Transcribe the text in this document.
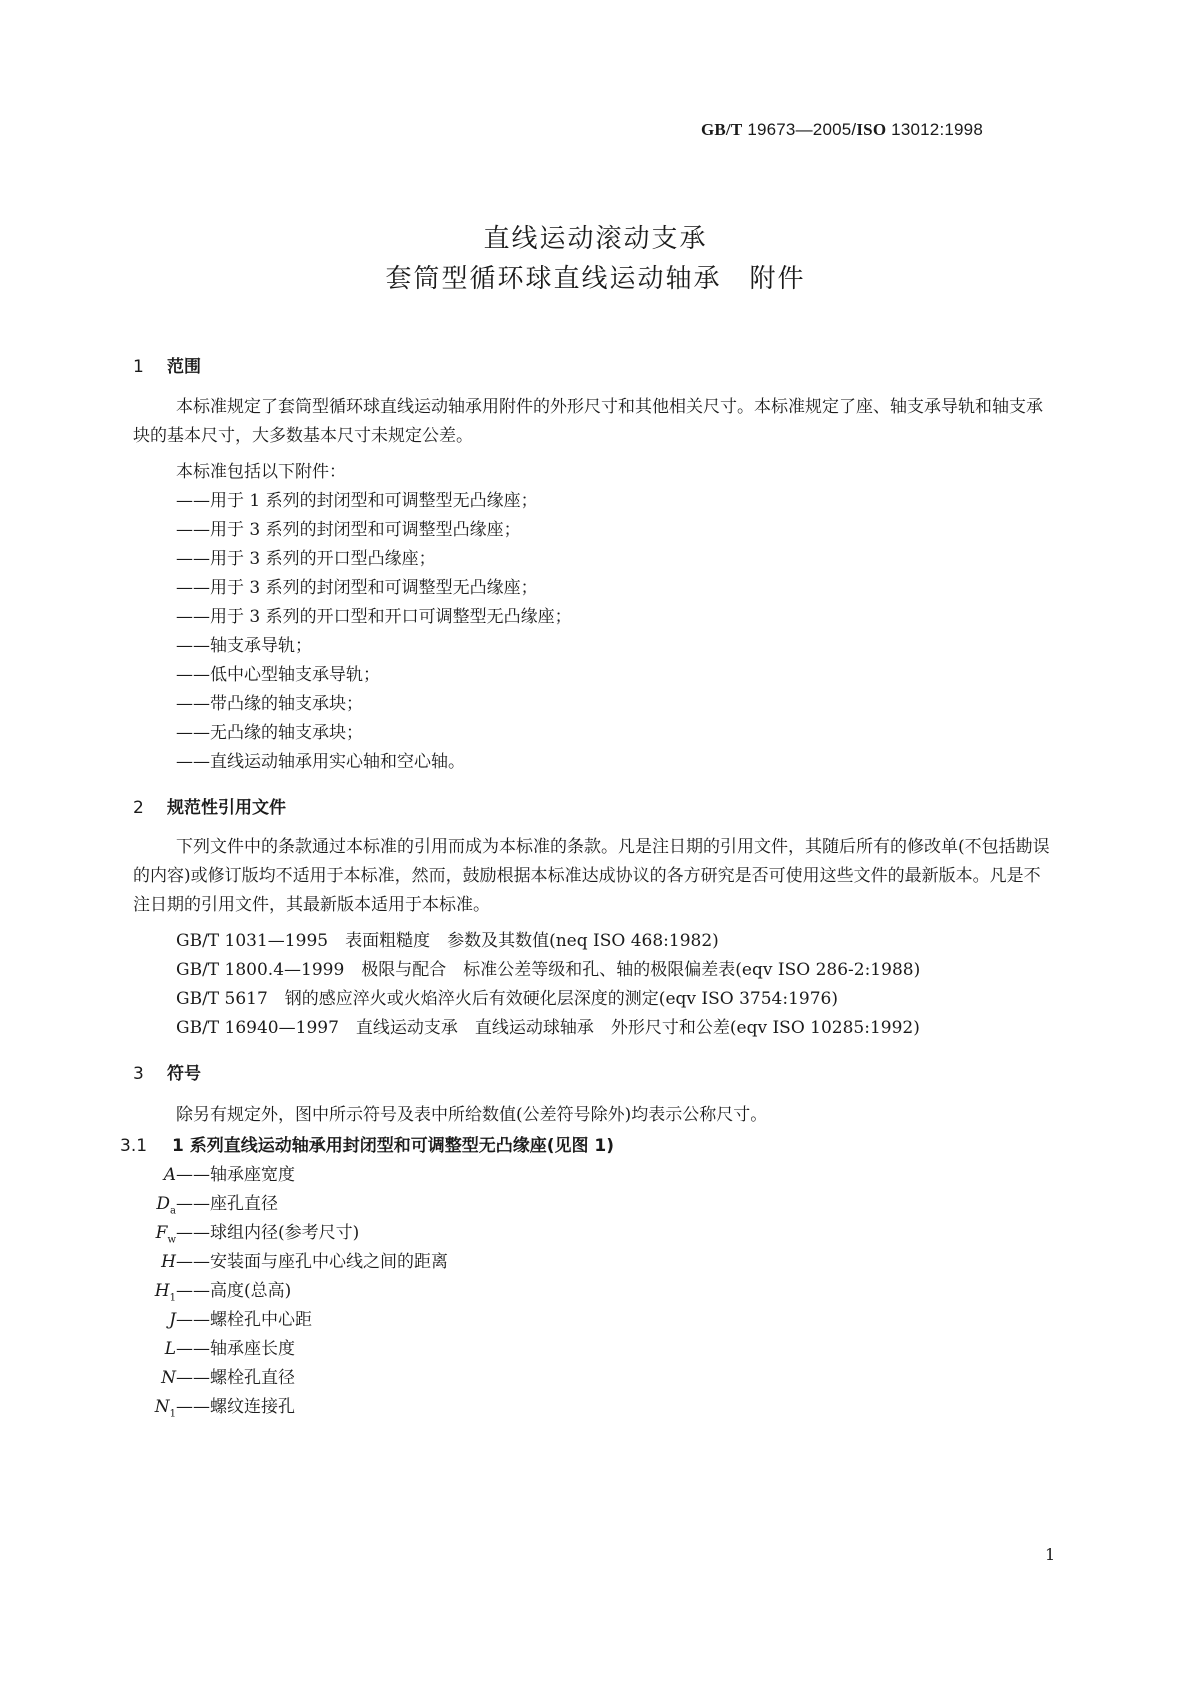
GB/T 19673—2005/ISO 13012:1998
直线运动滚动支承
套筒型循环球直线运动轴承　附件
1 范围
本标准规定了套筒型循环球直线运动轴承用附件的外形尺寸和其他相关尺寸。本标准规定了座、轴支承导轨和轴支承块的基本尺寸，大多数基本尺寸未规定公差。
本标准包括以下附件：
——用于 1 系列的封闭型和可调整型无凸缘座；
——用于 3 系列的封闭型和可调整型凸缘座；
——用于 3 系列的开口型凸缘座；
——用于 3 系列的封闭型和可调整型无凸缘座；
——用于 3 系列的开口型和开口可调整型无凸缘座；
——轴支承导轨；
——低中心型轴支承导轨；
——带凸缘的轴支承块；
——无凸缘的轴支承块；
——直线运动轴承用实心轴和空心轴。
2 规范性引用文件
下列文件中的条款通过本标准的引用而成为本标准的条款。凡是注日期的引用文件，其随后所有的修改单(不包括勘误的内容)或修订版均不适用于本标准，然而，鼓励根据本标准达成协议的各方研究是否可使用这些文件的最新版本。凡是不注日期的引用文件，其最新版本适用于本标准。
GB/T 1031—1995　表面粗糙度　参数及其数值(neq ISO 468:1982)
GB/T 1800.4—1999　极限与配合　标准公差等级和孔、轴的极限偏差表(eqv ISO 286-2:1988)
GB/T 5617　钢的感应淬火或火焰淬火后有效硬化层深度的测定(eqv ISO 3754:1976)
GB/T 16940—1997　直线运动支承　直线运动球轴承　外形尺寸和公差(eqv ISO 10285:1992)
3 符号
除另有规定外，图中所示符号及表中所给数值(公差符号除外)均表示公称尺寸。
3.1 1 系列直线运动轴承用封闭型和可调整型无凸缘座(见图 1)
A——轴承座宽度
$D_a——$座孔直径
$F_w——$球组内径(参考尺寸)
H——安装面与座孔中心线之间的距离
$H_1——$高度(总高)
J——螺栓孔中心距
L——轴承座长度
N——螺栓孔直径
$N_1——$螺纹连接孔
1
